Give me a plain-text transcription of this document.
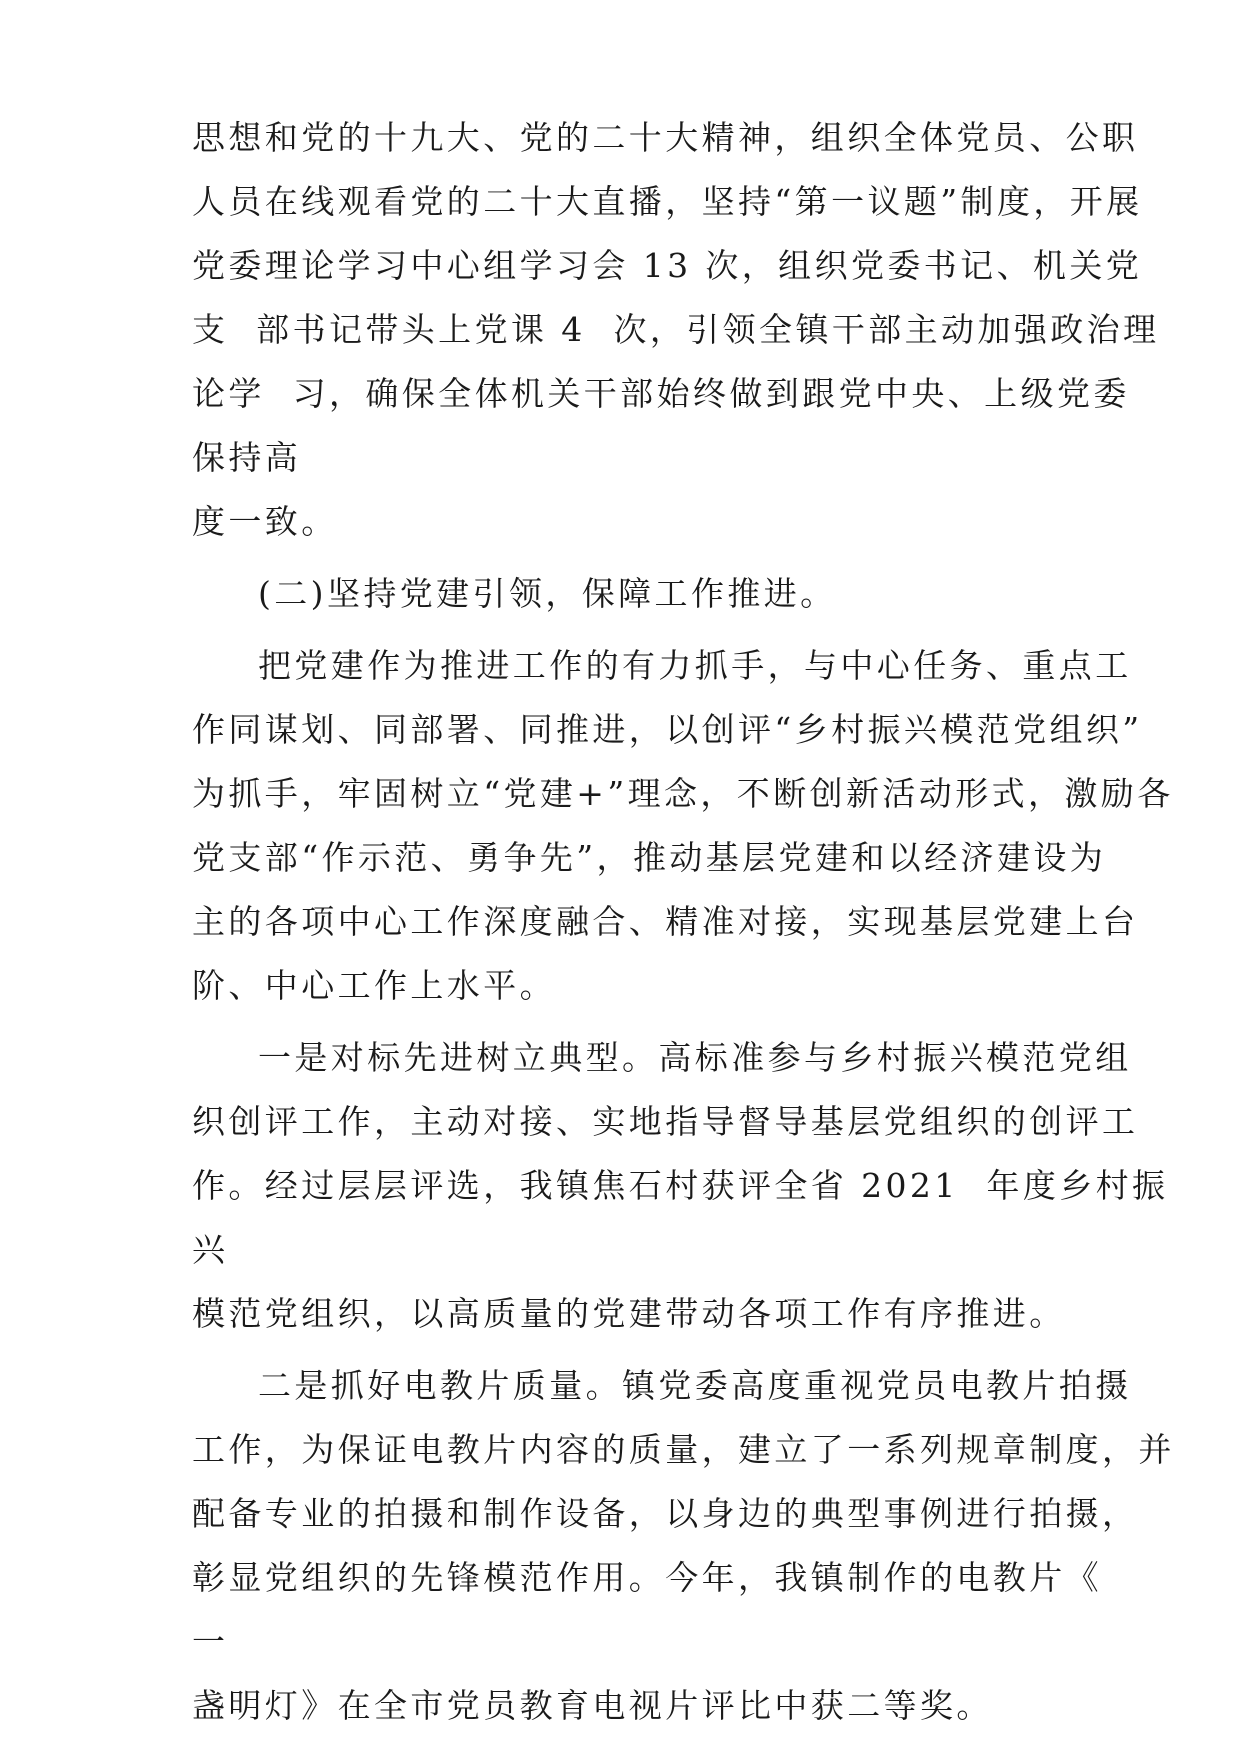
思想和党的十九大、党的二十大精神，组织全体党员、公职
人员在线观看党的二十大直播，坚持“第一议题”制度，开展
党委理论学习中心组学习会 13 次，组织党委书记、机关党
支  部书记带头上党课 4  次，引领全镇干部主动加强政治理
论学  习，确保全体机关干部始终做到跟党中央、上级党委
保持高
度一致。
(二)坚持党建引领，保障工作推进。
把党建作为推进工作的有力抓手，与中心任务、重点工
作同谋划、同部署、同推进，以创评“乡村振兴模范党组织”
为抓手，牢固树立“党建+”理念，不断创新活动形式，激励各
党支部“作示范、勇争先”，推动基层党建和以经济建设为
主的各项中心工作深度融合、精准对接，实现基层党建上台
阶、中心工作上水平。
一是对标先进树立典型。高标准参与乡村振兴模范党组
织创评工作，主动对接、实地指导督导基层党组织的创评工
作。经过层层评选，我镇焦石村获评全省 2021  年度乡村振
兴
模范党组织，以高质量的党建带动各项工作有序推进。
二是抓好电教片质量。镇党委高度重视党员电教片拍摄
工作，为保证电教片内容的质量，建立了一系列规章制度，并
配备专业的拍摄和制作设备，以身边的典型事例进行拍摄，
彰显党组织的先锋模范作用。今年，我镇制作的电教片《
一
盏明灯》在全市党员教育电视片评比中获二等奖。
